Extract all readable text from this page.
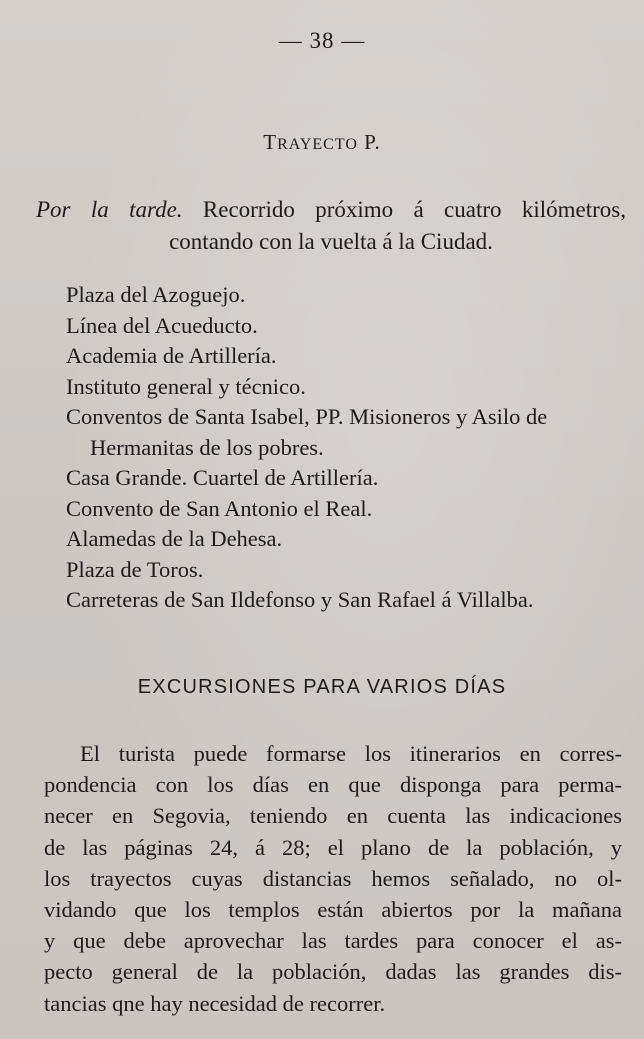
— 38 —
TRAYECTO P.

Por la tarde. Recorrido próximo á cuatro kilómetros,

contando con la vuelta á la Ciudad.

Plaza del Azoguejo.
Línea del Acueducto.
Academia de Artillería.
Instituto general y técnico.
Conventos de Santa Isabel, PP. Misioneros y Asilo de
Hermanitas de los pobres.
Casa Grande. Cuartel de Artillería.
Convento de San Antonio el Real.
Alamedas de la Dehesa.
Plaza de Toros.
Carreteras de San Ildefonso y San Rafael á Villalba.
EXCURSIONES PARA VARIOS DÍAS
El turista puede formarse los itinerarios en corres-
pondencia con los días en que disponga para perma-
necer en Segovia, teniendo en cuenta las indicaciones
de las páginas 24, á 28; el plano de la población, y
los trayectos cuyas distancias hemos señalado, no ol-
vidando que los templos están abiertos por la mañana
y que debe aprovechar las tardes para conocer el as-
pecto general de la población, dadas las grandes dis-
tancias qne hay necesidad de recorrer.
